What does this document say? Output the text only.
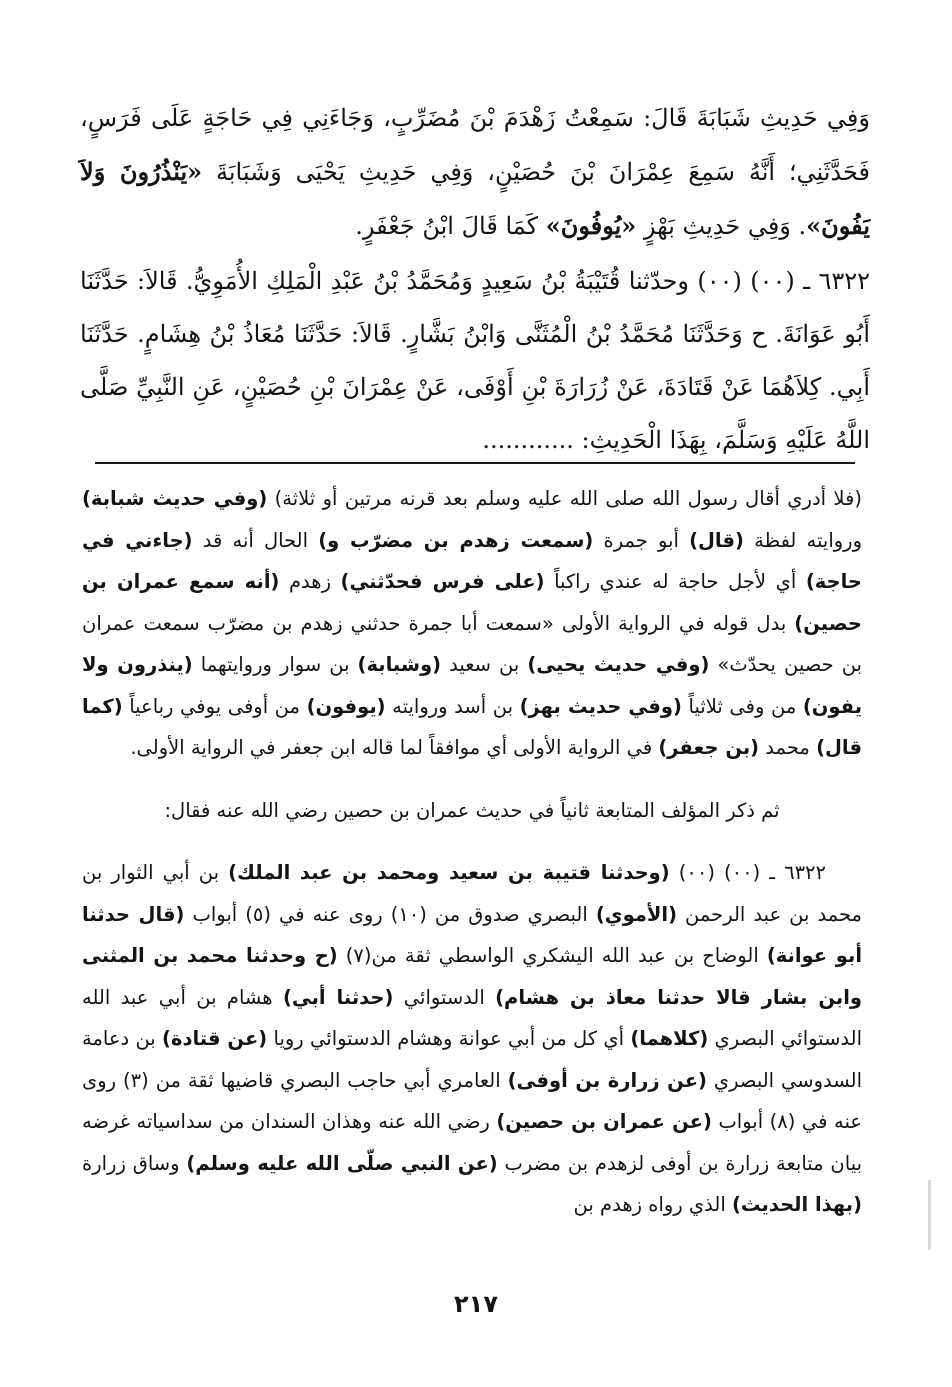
وَفِي حَدِيثِ شَبَابَةَ قَالَ: سَمِعْتُ زَهْدَمَ بْنَ مُضَرِّبٍ، وَجَاءَنِي فِي حَاجَةٍ عَلَى فَرَسٍ، فَحَدَّثَنِي؛ أَنَّهُ سَمِعَ عِمْرَانَ بْنَ حُصَيْنٍ، وَفِي حَدِيثِ يَحْيَى وَشَبَابَةَ «يَنْذُرُونَ وَلاَ يَفُونَ». وَفِي حَدِيثِ بَهْزٍ «يُوفُونَ» كَمَا قَالَ ابْنُ جَعْفَرٍ.

٦٣٢٢ ـ (٠٠) (٠٠) وحدّثنا قُتَيْبَةُ بْنُ سَعِيدٍ وَمُحَمَّدُ بْنُ عَبْدِ الْمَلِكِ الأُمَوِيُّ. قَالاَ: حَدَّثَنَا أَبُو عَوَانَةَ. ح وَحَدَّثَنَا مُحَمَّدُ بْنُ الْمُثَنَّى وَابْنُ بَشَّارٍ. قَالاَ: حَدَّثَنَا مُعَاذُ بْنُ هِشَامٍ. حَدَّثَنَا أَبِي. كِلاَهُمَا عَنْ قَتَادَةَ، عَنْ زُرَارَةَ بْنِ أَوْفَى، عَنْ عِمْرَانَ بْنِ حُصَيْنٍ، عَنِ النَّبِيِّ صَلَّى اللَّهُ عَلَيْهِ وَسَلَّمَ، بِهَذَا الْحَدِيثِ: ............

(فلا أدري أقال رسول الله صلى الله عليه وسلم بعد قرنه مرتين أو ثلاثة) (وفي حديث شبابة) وروايته لفظة (قال) أبو جمرة (سمعت زهدم بن مضرّب و) الحال أنه قد (جاءني في حاجة) أي لأجل حاجة له عندي راكباً (على فرس فحدّثني) زهدم (أنه سمع عمران بن حصين) بدل قوله في الرواية الأولى «سمعت أبا جمرة حدثني زهدم بن مضرّب سمعت عمران بن حصين يحدّث» (وفي حديث يحيى) بن سعيد (وشبابة) بن سوار وروايتهما (ينذرون ولا يفون) من وفى ثلاثياً (وفي حديث بهز) بن أسد وروايته (يوفون) من أوفى يوفي رباعياً (كما قال) محمد (بن جعفر) في الرواية الأولى أي موافقاً لما قاله ابن جعفر في الرواية الأولى.

ثم ذكر المؤلف المتابعة ثانياً في حديث عمران بن حصين رضي الله عنه فقال:

٦٣٢٢ ـ (٠٠) (٠٠) (وحدثنا قتيبة بن سعيد ومحمد بن عبد الملك) بن أبي الثوار بن محمد بن عبد الرحمن (الأموي) البصري صدوق من (١٠) روى عنه في (٥) أبواب (قال حدثنا أبو عوانة) الوضاح بن عبد الله اليشكري الواسطي ثقة من(٧) (ح وحدثنا محمد بن المثنى وابن بشار قالا حدثنا معاذ بن هشام) الدستوائي (حدثنا أبي) هشام بن أبي عبد الله الدستوائي البصري (كلاهما) أي كل من أبي عوانة وهشام الدستوائي رويا (عن قتادة) بن دعامة السدوسي البصري (عن زرارة بن أوفى) العامري أبي حاجب البصري قاضيها ثقة من (٣) روى عنه في (٨) أبواب (عن عمران بن حصين) رضي الله عنه وهذان السندان من سداسياته غرضه بيان متابعة زرارة بن أوفى لزهدم بن مضرب (عن النبي صلّى الله عليه وسلم) وساق زرارة (بهذا الحديث) الذي رواه زهدم بن

٢١٧
